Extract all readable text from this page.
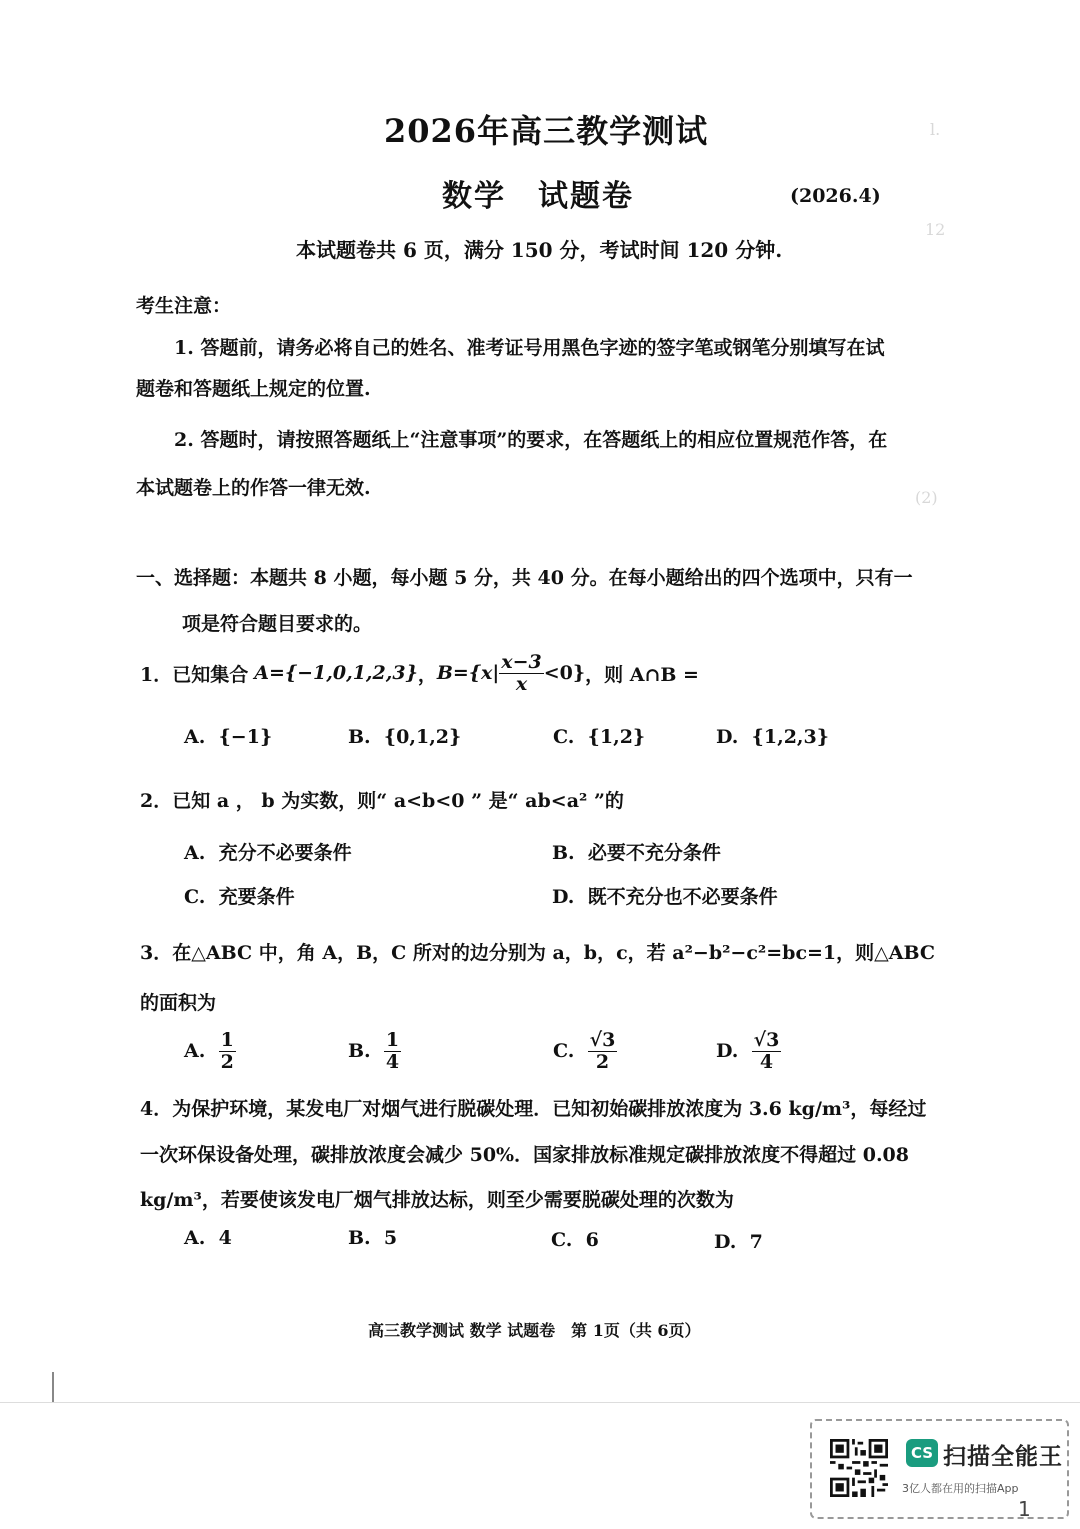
l.
12
(2)
2026年高三教学测试
数学　试题卷	(2026.4)
本试题卷共 6 页，满分 150 分，考试时间 120 分钟.
考生注意：
1. 答题前，请务必将自己的姓名、准考证号用黑色字迹的签字笔或钢笔分别填写在试
题卷和答题纸上规定的位置.
2. 答题时，请按照答题纸上“注意事项”的要求，在答题纸上的相应位置规范作答，在
本试题卷上的作答一律无效.
一、选择题：本题共 8 小题，每小题 5 分，共 40 分。在每小题给出的四个选项中，只有一
项是符合题目要求的。
1．已知集合 A={−1,0,1,2,3} ， $B=\{x| \frac{x-3}{x} <0\}$ ，则 A∩B =
A. {−1}	B. {0,1,2}	C. {1,2}	D. {1,2,3}
2．已知 a ， b 为实数，则“ a<b<0 ” 是“ ab<a² ”的
A. 充分不必要条件	B. 必要不充分条件
C. 充要条件	D. 既不充分也不必要条件
3．在△ABC 中，角 A，B，C 所对的边分别为 a，b，c，若 a²−b²−c²=bc=1，则△ABC
的面积为
A.
$\frac{1}{2}$	B.
$\frac{1}{4}$	C.
$\frac{√3}{2}$	D.
$\frac{√3}{4}$
4．为保护环境，某发电厂对烟气进行脱碳处理．已知初始碳排放浓度为 3.6 kg/m³，每经过
一次环保设备处理，碳排放浓度会减少 50%．国家排放标准规定碳排放浓度不得超过 0.08
kg/m³，若要使该发电厂烟气排放达标，则至少需要脱碳处理的次数为
A. 4	B. 5	C. 6	D. 7
高三教学测试 数学 试题卷　第 1页（共 6页）
CS 扫描全能王
3亿人都在用的扫描App
1
